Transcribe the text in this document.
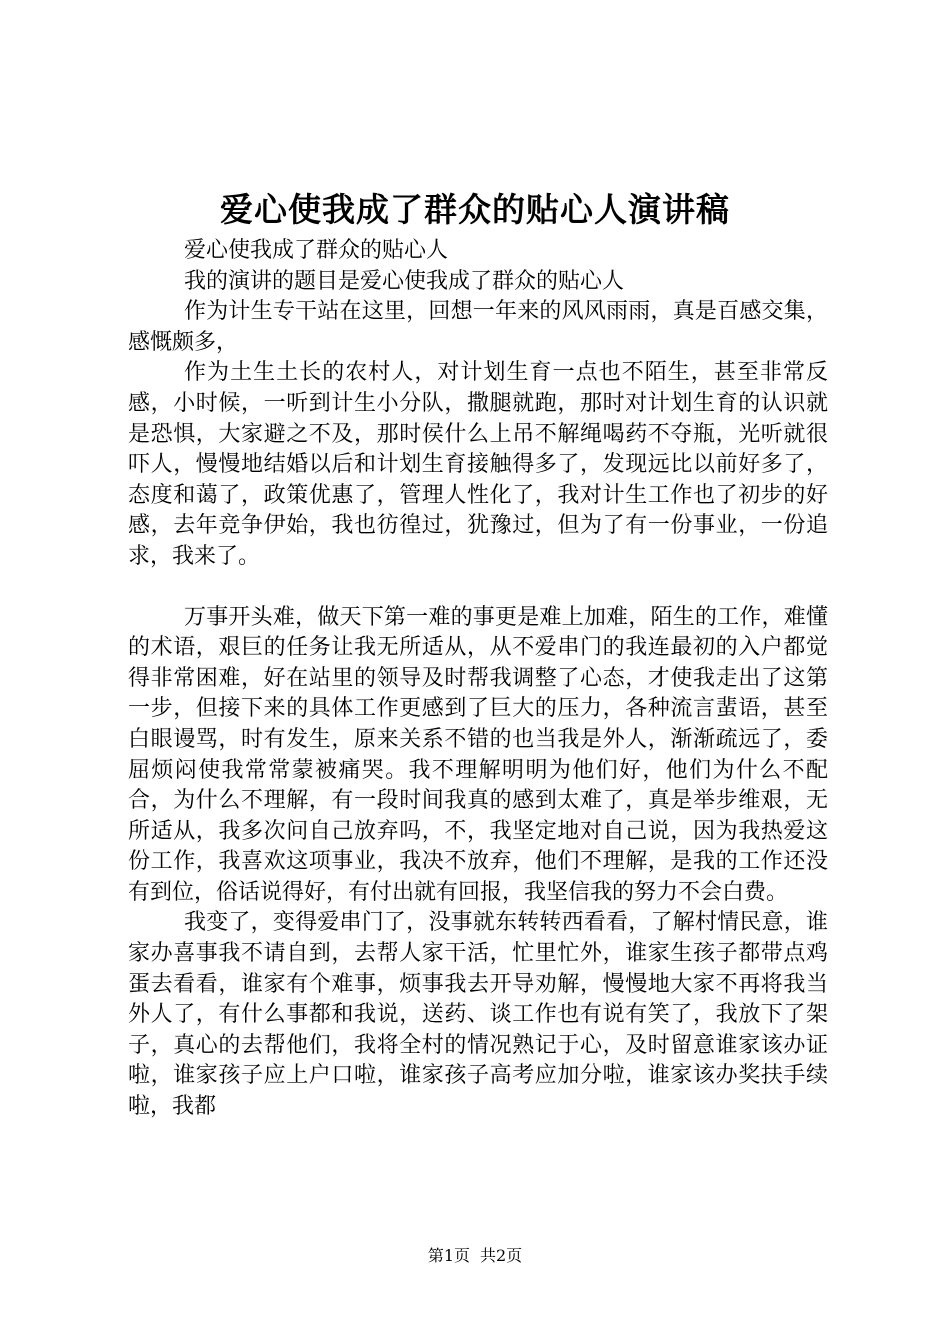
爱心使我成了群众的贴心人演讲稿

爱心使我成了群众的贴心人

我的演讲的题目是爱心使我成了群众的贴心人

作为计生专干站在这里，回想一年来的风风雨雨，真是百感交集，感慨颇多，

作为土生土长的农村人，对计划生育一点也不陌生，甚至非常反感，小时候，一听到计生小分队，撒腿就跑，那时对计划生育的认识就是恐惧，大家避之不及，那时侯什么上吊不解绳喝药不夺瓶，光听就很吓人，慢慢地结婚以后和计划生育接触得多了，发现远比以前好多了，态度和蔼了，政策优惠了，管理人性化了，我对计生工作也了初步的好感，去年竞争伊始，我也彷徨过，犹豫过，但为了有一份事业，一份追求，我来了。

万事开头难，做天下第一难的事更是难上加难，陌生的工作，难懂的术语，艰巨的任务让我无所适从，从不爱串门的我连最初的入户都觉得非常困难，好在站里的领导及时帮我调整了心态，才使我走出了这第一步，但接下来的具体工作更感到了巨大的压力，各种流言蜚语，甚至白眼谩骂，时有发生，原来关系不错的也当我是外人，渐渐疏远了，委屈烦闷使我常常蒙被痛哭。我不理解明明为他们好，他们为什么不配合，为什么不理解，有一段时间我真的感到太难了，真是举步维艰，无所适从，我多次问自己放弃吗，不，我坚定地对自己说，因为我热爱这份工作，我喜欢这项事业，我决不放弃，他们不理解，是我的工作还没有到位，俗话说得好，有付出就有回报，我坚信我的努力不会白费。

我变了，变得爱串门了，没事就东转转西看看，了解村情民意，谁家办喜事我不请自到，去帮人家干活，忙里忙外，谁家生孩子都带点鸡蛋去看看，谁家有个难事，烦事我去开导劝解，慢慢地大家不再将我当外人了，有什么事都和我说，送药、谈工作也有说有笑了，我放下了架子，真心的去帮他们，我将全村的情况熟记于心，及时留意谁家该办证啦，谁家孩子应上户口啦，谁家孩子高考应加分啦，谁家该办奖扶手续啦，我都

第1页 共2页
